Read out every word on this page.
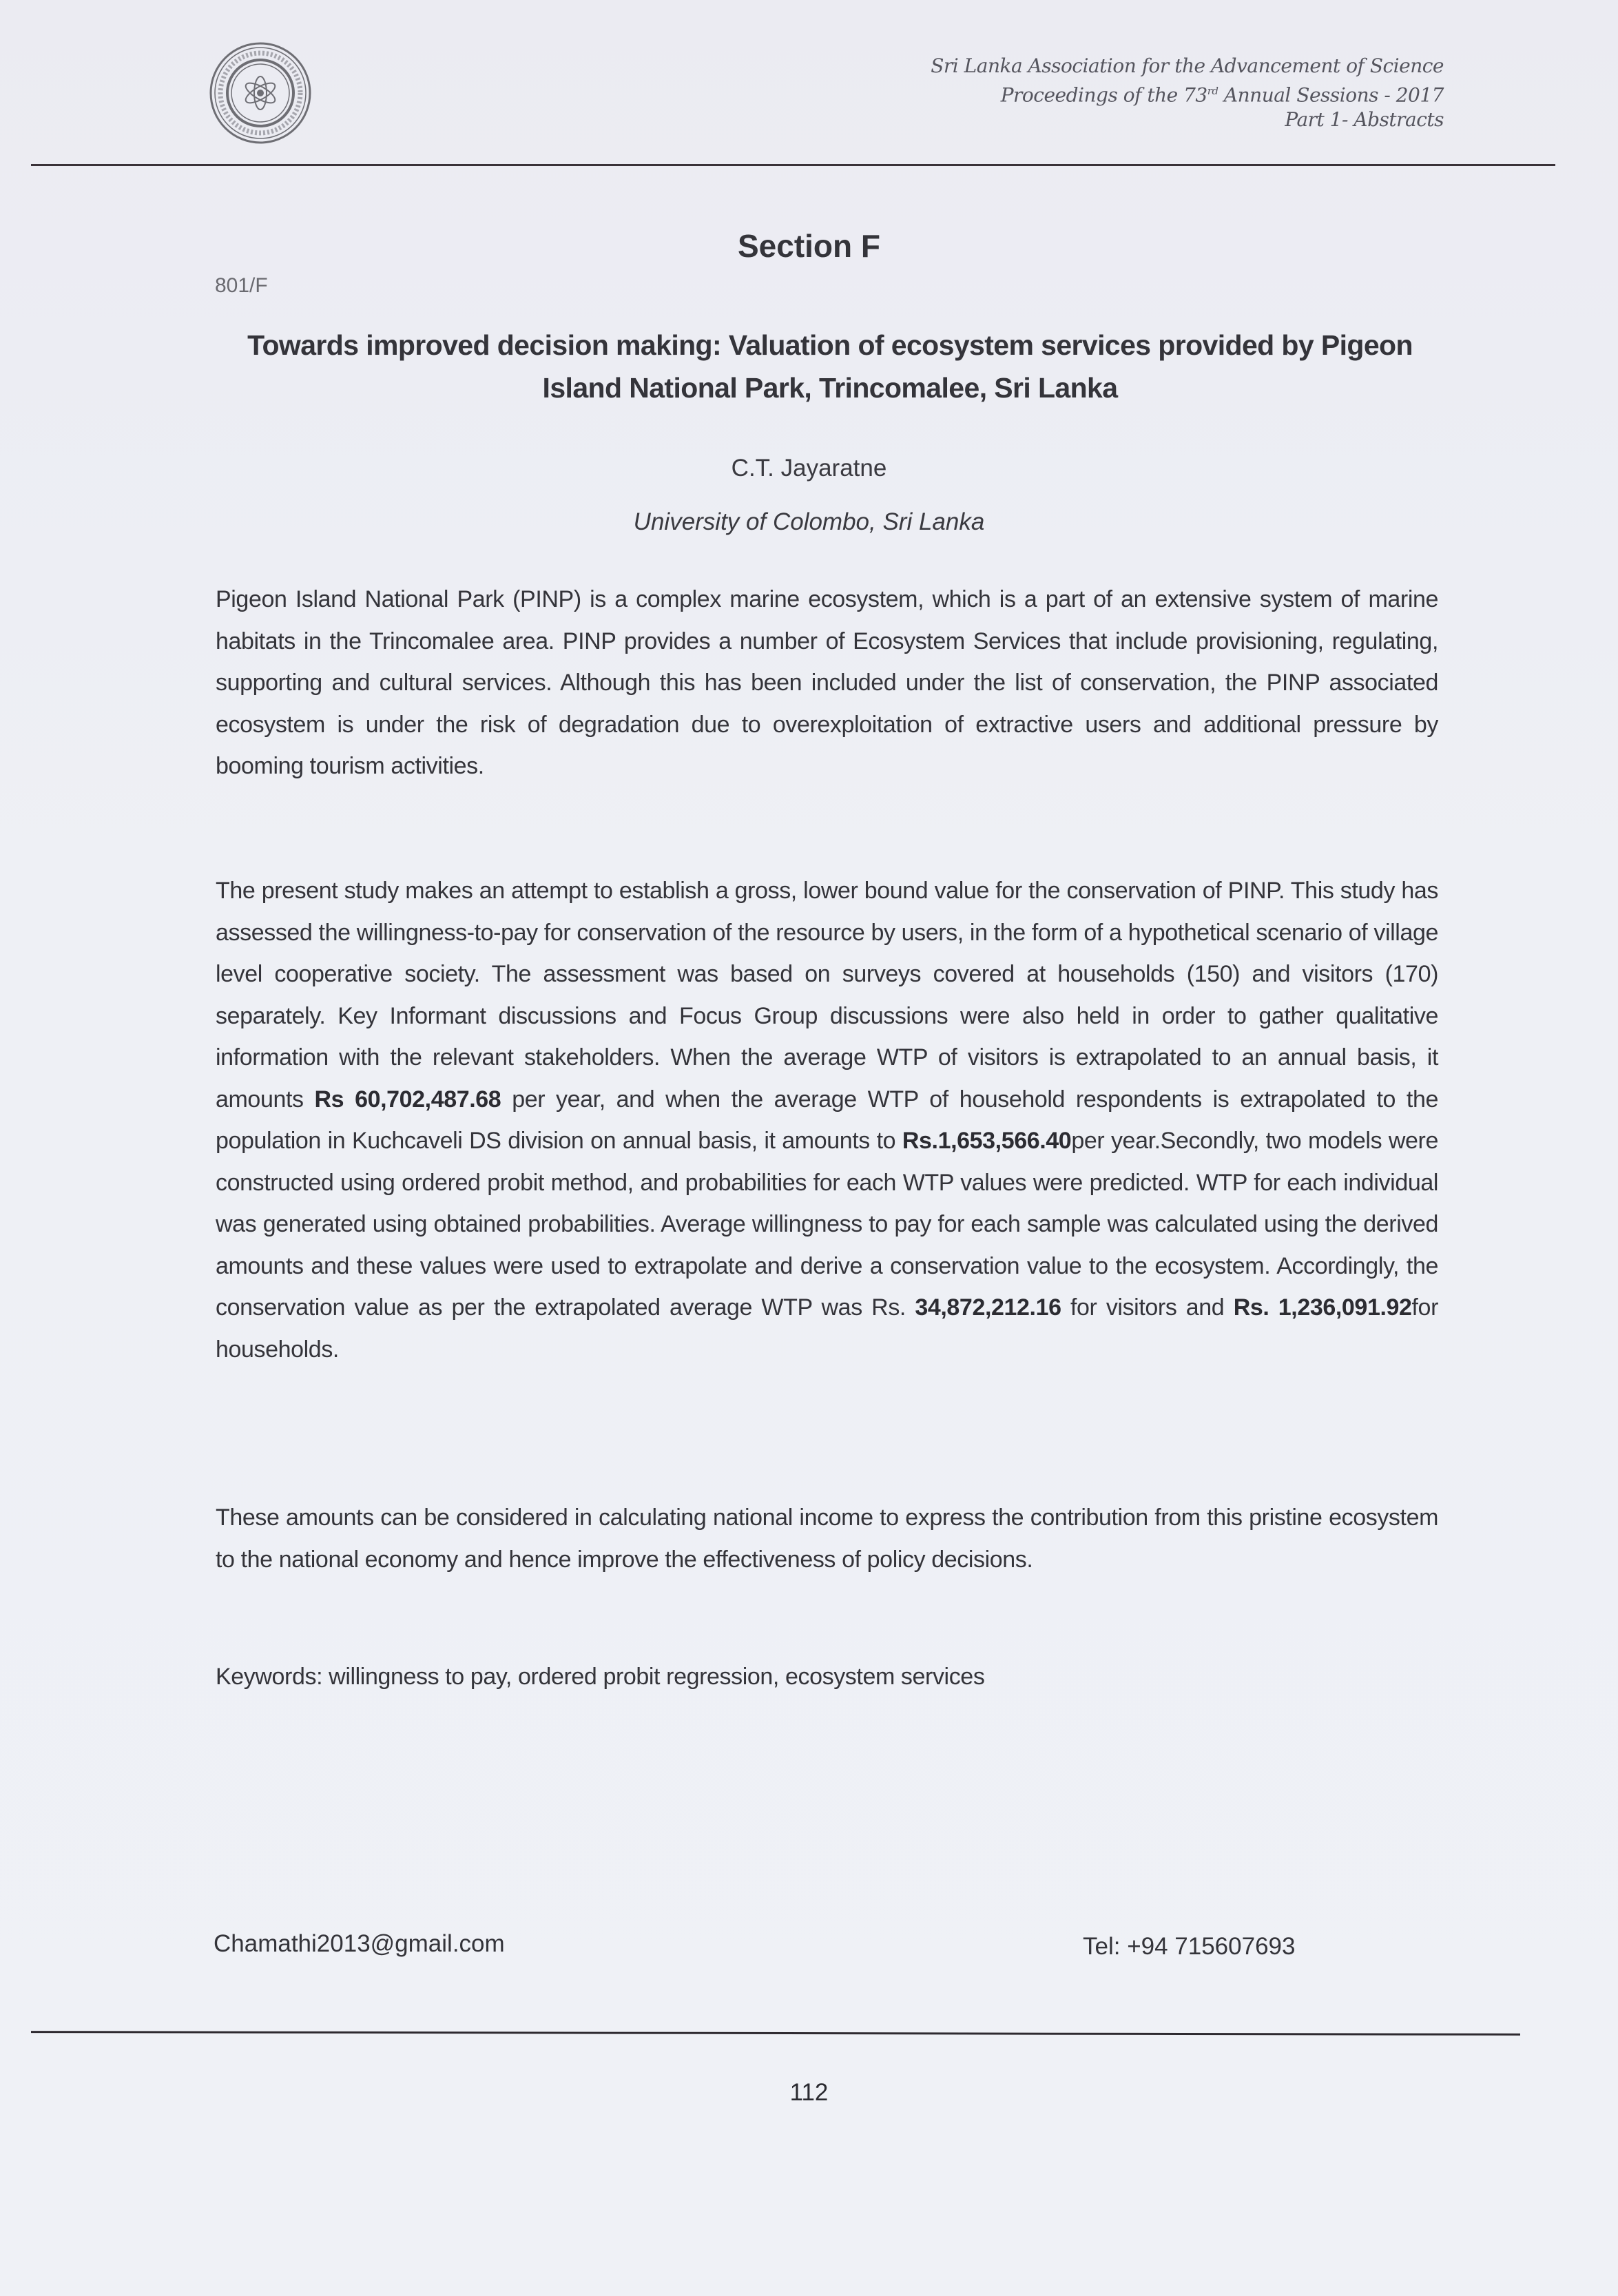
Sri Lanka Association for the Advancement of Science
Proceedings of the 73rd Annual Sessions - 2017
Part 1- Abstracts
Section F
801/F
Towards improved decision making: Valuation of ecosystem services provided by Pigeon
Island National Park, Trincomalee, Sri Lanka
C.T. Jayaratne
University of Colombo, Sri Lanka

Pigeon Island National Park (PINP) is a complex marine ecosystem, which is a part of an extensive system of marine habitats in the Trincomalee area. PINP provides a number of Ecosystem Services that include provisioning, regulating, supporting and cultural services. Although this has been included under the list of conservation, the PINP associated ecosystem is under the risk of degradation due to overexploitation of extractive users and additional pressure by booming tourism activities.

The present study makes an attempt to establish a gross, lower bound value for the conservation of PINP. This study has assessed the willingness-to-pay for conservation of the resource by users, in the form of a hypothetical scenario of village level cooperative society. The assessment was based on surveys covered at households (150) and visitors (170) separately. Key Informant discussions and Focus Group discussions were also held in order to gather qualitative information with the relevant stakeholders. When the average WTP of visitors is extrapolated to an annual basis, it amounts Rs 60,702,487.68 per year, and when the average WTP of household respondents is extrapolated to the population in Kuchcaveli DS division on annual basis, it amounts to Rs.1,653,566.40per year.Secondly, two models were constructed using ordered probit method, and probabilities for each WTP values were predicted. WTP for each individual was generated using obtained probabilities. Average willingness to pay for each sample was calculated using the derived amounts and these values were used to extrapolate and derive a conservation value to the ecosystem. Accordingly, the conservation value as per the extrapolated average WTP was Rs. 34,872,212.16 for visitors and Rs. 1,236,091.92for households.

These amounts can be considered in calculating national income to express the contribution from this pristine ecosystem to the national economy and hence improve the effectiveness of policy decisions.

Keywords: willingness to pay, ordered probit regression, ecosystem services
Chamathi2013@gmail.com	Tel: +94 715607693
112
